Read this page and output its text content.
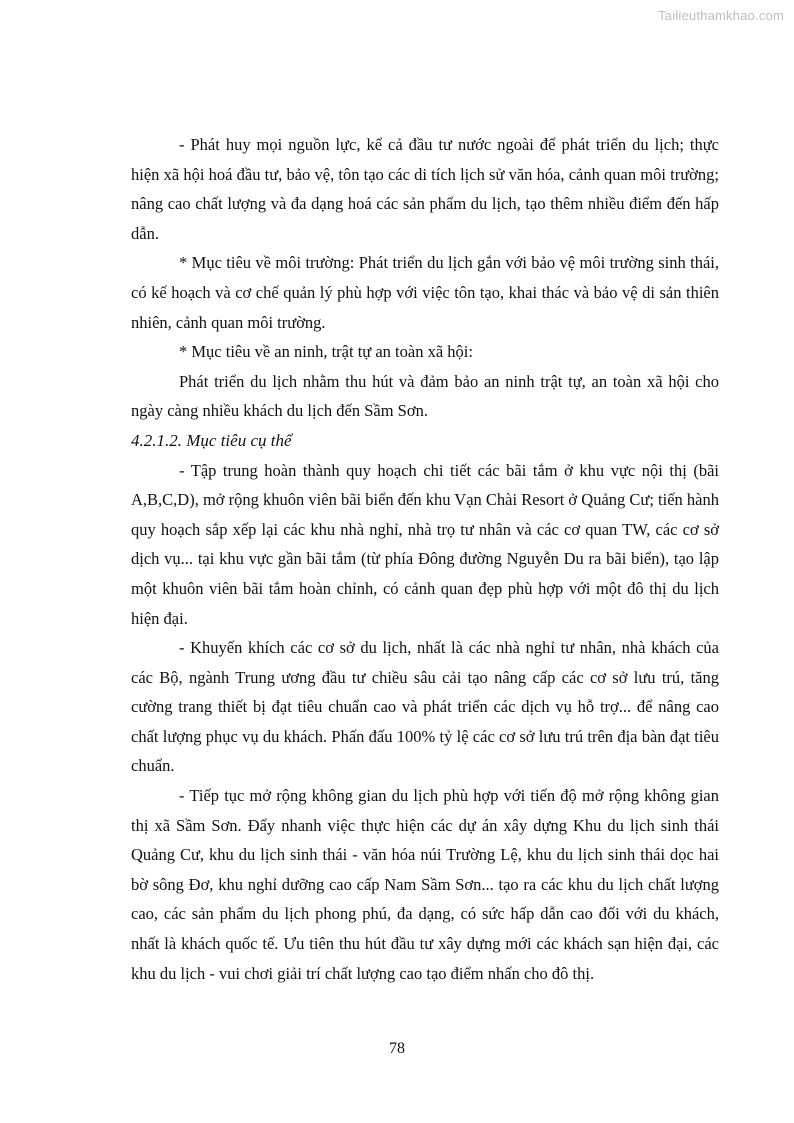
Tailieuthamkhao.com

- Phát huy mọi nguồn lực, kể cả đầu tư nước ngoài để phát triển du lịch; thực hiện xã hội hoá đầu tư, bảo vệ, tôn tạo các di tích lịch sử văn hóa, cảnh quan môi trường; nâng cao chất lượng và đa dạng hoá các sản phẩm du lịch, tạo thêm nhiều điểm đến hấp dẫn.

* Mục tiêu về môi trường: Phát triển du lịch gắn với bảo vệ môi trường sinh thái, có kế hoạch và cơ chế quản lý phù hợp với việc tôn tạo, khai thác và bảo vệ di sản thiên nhiên, cảnh quan môi trường.

* Mục tiêu về an ninh, trật tự an toàn xã hội:

Phát triển du lịch nhằm thu hút và đảm bảo an ninh trật tự, an toàn xã hội cho ngày càng nhiều khách du lịch đến Sầm Sơn.

4.2.1.2. Mục tiêu cụ thể

- Tập trung hoàn thành quy hoạch chi tiết các bãi tắm ở khu vực nội thị (bãi A,B,C,D), mở rộng khuôn viên bãi biển đến khu Vạn Chài Resort ở Quảng Cư; tiến hành quy hoạch sắp xếp lại các khu nhà nghỉ, nhà trọ tư nhân và các cơ quan TW, các cơ sở dịch vụ... tại khu vực gần bãi tắm (từ phía Đông đường Nguyễn Du ra bãi biển), tạo lập một khuôn viên bãi tắm hoàn chỉnh, có cảnh quan đẹp phù hợp với một đô thị du lịch hiện đại.

- Khuyến khích các cơ sở du lịch, nhất là các nhà nghỉ tư nhân, nhà khách của các Bộ, ngành Trung ương đầu tư chiều sâu cải tạo nâng cấp các cơ sở lưu trú, tăng cường trang thiết bị đạt tiêu chuẩn cao và phát triển các dịch vụ hỗ trợ... để nâng cao chất lượng phục vụ du khách. Phấn đấu 100% tỷ lệ các cơ sở lưu trú trên địa bàn đạt tiêu chuẩn.

- Tiếp tục mở rộng không gian du lịch phù hợp với tiến độ mở rộng không gian thị xã Sầm Sơn. Đẩy nhanh việc thực hiện các dự án xây dựng Khu du lịch sinh thái Quảng Cư, khu du lịch sinh thái - văn hóa núi Trường Lệ, khu du lịch sinh thái dọc hai bờ sông Đơ, khu nghỉ dưỡng cao cấp Nam Sầm Sơn... tạo ra các khu du lịch chất lượng cao, các sản phẩm du lịch phong phú, đa dạng, có sức hấp dẫn cao đối với du khách, nhất là khách quốc tế. Ưu tiên thu hút đầu tư xây dựng mới các khách sạn hiện đại, các khu du lịch - vui chơi giải trí chất lượng cao tạo điểm nhấn cho đô thị.

78
